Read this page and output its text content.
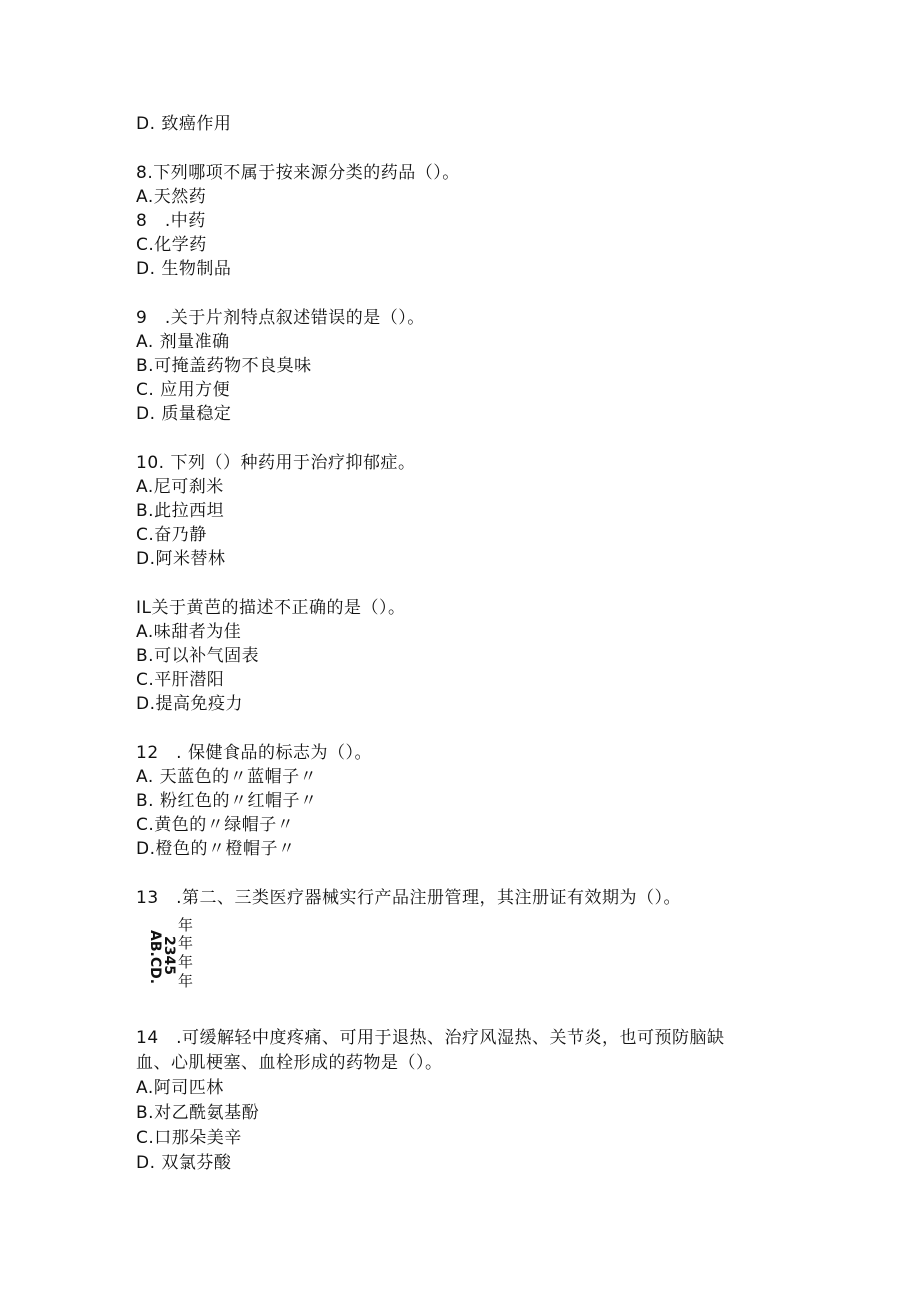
D. 致癌作用
8.下列哪项不属于按来源分类的药品（）。
A.天然药
8　.中药
C.化学药
D. 生物制品
9　.关于片剂特点叙述错误的是（）。
A. 剂量准确
B.可掩盖药物不良臭味
C. 应用方便
D. 质量稳定
10. 下列（）种药用于治疗抑郁症。
A.尼可刹米
B.此拉西坦
C.奋乃静
D.阿米替林
IL关于黄芭的描述不正确的是（）。
A.味甜者为佳
B.可以补气固表
C.平肝潜阳
D.提高免疫力
12　. 保健食品的标志为（）。
A. 天蓝色的〃蓝帽子〃
B. 粉红色的〃红帽子〃
C.黄色的〃绿帽子〃
D.橙色的〃橙帽子〃
13　.第二、三类医疗器械实行产品注册管理，其注册证有效期为（）。
AB.CD.
2345
年
年
年
年
14　.可缓解轻中度疼痛、可用于退热、治疗风湿热、关节炎，也可预防脑缺
血、心肌梗塞、血栓形成的药物是（）。
A.阿司匹林
B.对乙酰氨基酚
C.口那朵美辛
D. 双氯芬酸
